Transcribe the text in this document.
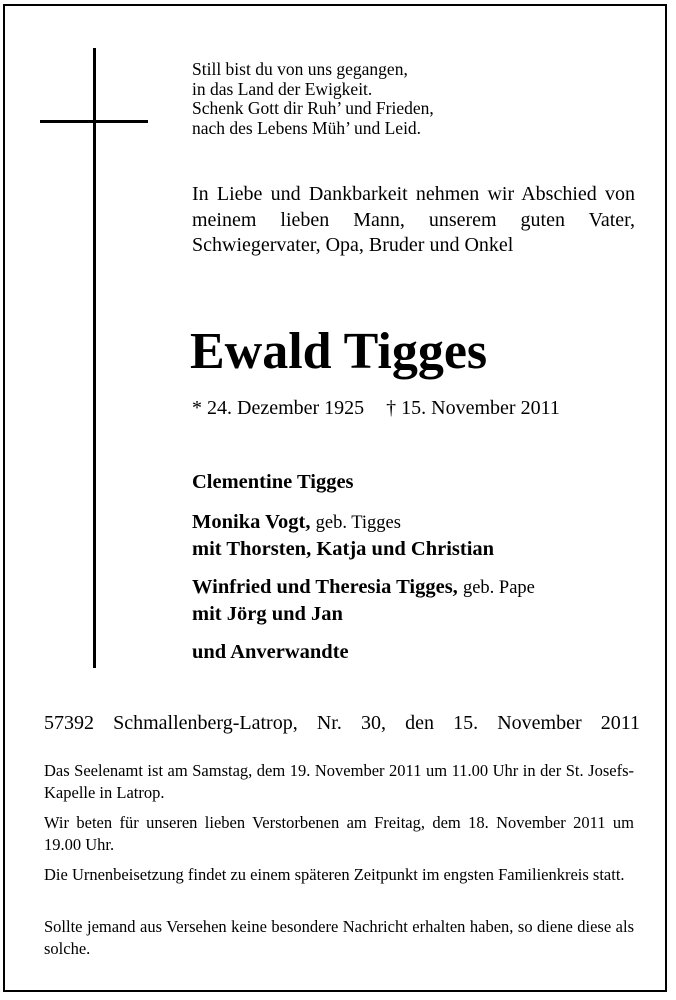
Still bist du von uns gegangen,
in das Land der Ewigkeit.
Schenk Gott dir Ruh’ und Frieden,
nach des Lebens Müh’ und Leid.
In Liebe und Dankbarkeit nehmen wir Abschied von meinem lieben Mann, unserem guten Vater, Schwiegervater, Opa, Bruder und Onkel
Ewald Tigges
* 24. Dezember 1925 † 15. November 2011
Clementine Tigges
Monika Vogt, geb. Tigges
mit Thorsten, Katja und Christian
Winfried und Theresia Tigges, geb. Pape
mit Jörg und Jan
und Anverwandte
57392 Schmallenberg-Latrop, Nr. 30, den 15. November 2011
Das Seelenamt ist am Samstag, dem 19. November 2011 um 11.00 Uhr in der St. Josefs-Kapelle in Latrop.
Wir beten für unseren lieben Verstorbenen am Freitag, dem 18. November 2011 um 19.00 Uhr.
Die Urnenbeisetzung findet zu einem späteren Zeitpunkt im engsten Familienkreis statt.
Sollte jemand aus Versehen keine besondere Nachricht erhalten haben, so diene diese als solche.
